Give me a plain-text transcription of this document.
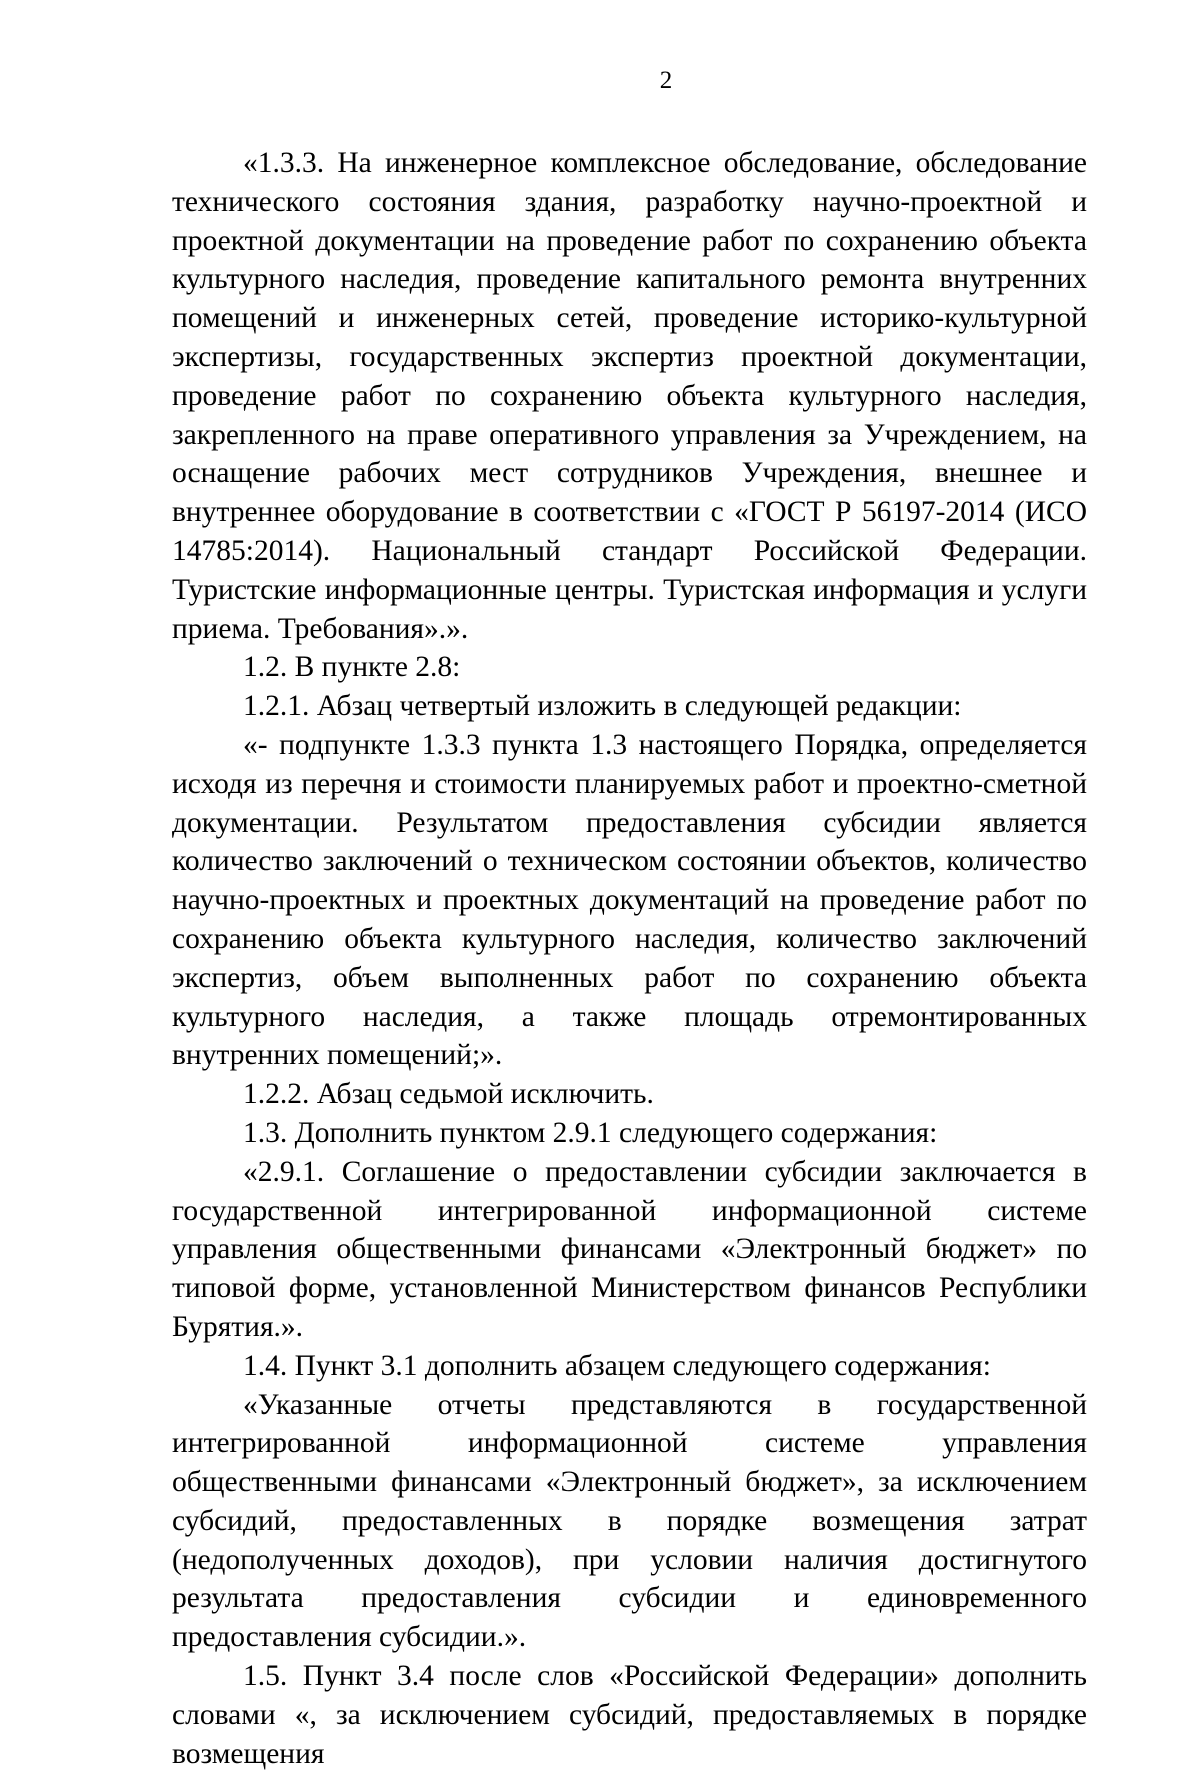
2

«1.3.3. На инженерное комплексное обследование, обследование технического состояния здания, разработку научно-проектной и проектной документации на проведение работ по сохранению объекта культурного наследия, проведение капитального ремонта внутренних помещений и инженерных сетей, проведение историко-культурной экспертизы, государственных экспертиз проектной документации, проведение работ по сохранению объекта культурного наследия, закрепленного на праве оперативного управления за Учреждением, на оснащение рабочих мест сотрудников Учреждения, внешнее и внутреннее оборудование в соответствии с «ГОСТ Р 56197-2014 (ИСО 14785:2014). Национальный стандарт Российской Федерации. Туристские информационные центры. Туристская информация и услуги приема. Требования».».

1.2. В пункте 2.8:

1.2.1. Абзац четвертый изложить в следующей редакции:

«- подпункте 1.3.3 пункта 1.3 настоящего Порядка, определяется исходя из перечня и стоимости планируемых работ и проектно-сметной документации. Результатом предоставления субсидии является количество заключений о техническом состоянии объектов, количество научно-проектных и проектных документаций на проведение работ по сохранению объекта культурного наследия, количество заключений экспертиз, объем выполненных работ по сохранению объекта культурного наследия, а также площадь отремонтированных внутренних помещений;».

1.2.2. Абзац седьмой исключить.

1.3. Дополнить пунктом 2.9.1 следующего содержания:

«2.9.1. Соглашение о предоставлении субсидии заключается в государственной интегрированной информационной системе управления общественными финансами «Электронный бюджет» по типовой форме, установленной Министерством финансов Республики Бурятия.».

1.4. Пункт 3.1 дополнить абзацем следующего содержания:

«Указанные отчеты представляются в государственной интегрированной информационной системе управления общественными финансами «Электронный бюджет», за исключением субсидий, предоставленных в порядке возмещения затрат (недополученных доходов), при условии наличия достигнутого результата предоставления субсидии и единовременного предоставления субсидии.».

1.5. Пункт 3.4 после слов «Российской Федерации» дополнить словами «, за исключением субсидий, предоставляемых в порядке возмещения
